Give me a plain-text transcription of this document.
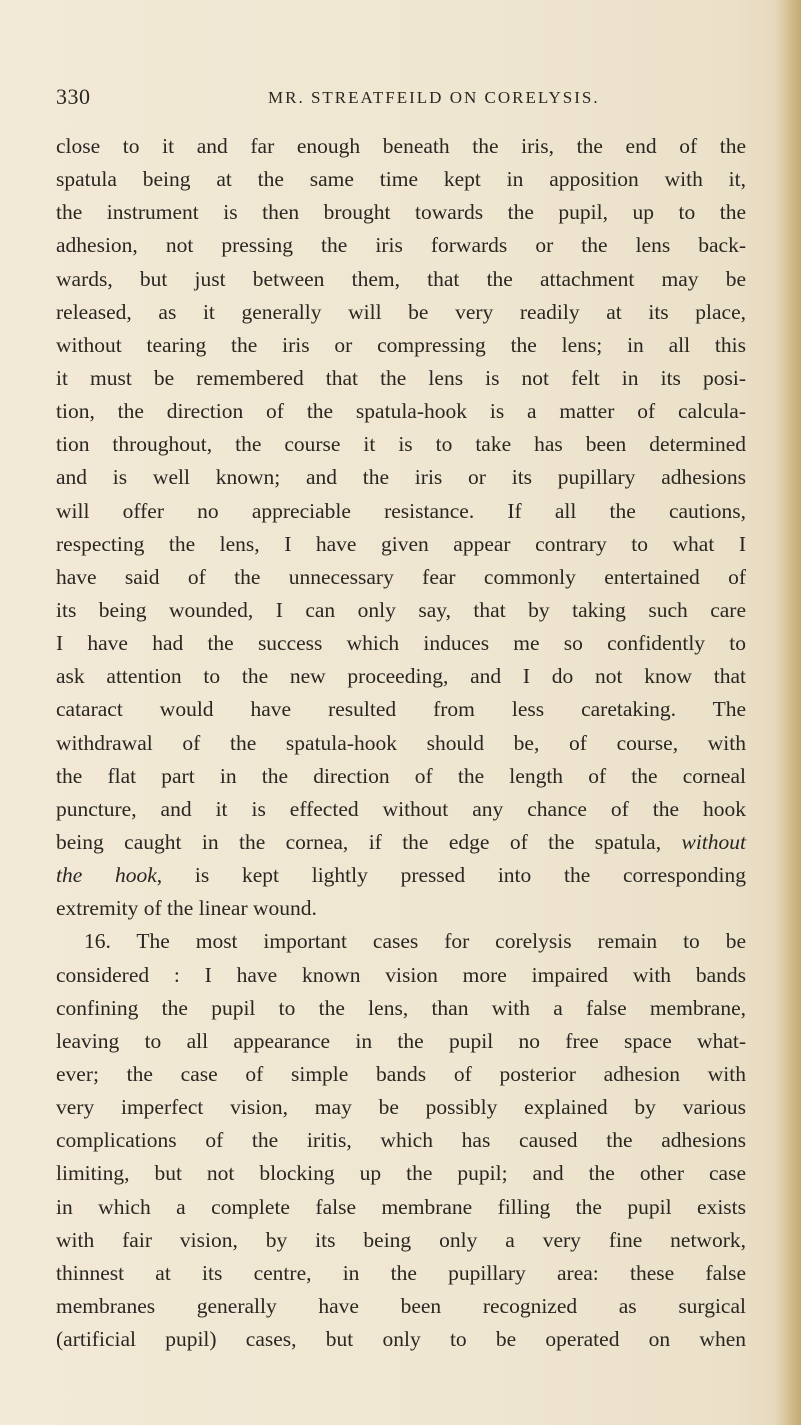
330	MR. STREATFEILD ON CORELYSIS.
close to it and far enough beneath the iris, the end of the
spatula being at the same time kept in apposition with it,
the instrument is then brought towards the pupil, up to the
adhesion, not pressing the iris forwards or the lens back-
wards, but just between them, that the attachment may be
released, as it generally will be very readily at its place,
without tearing the iris or compressing the lens; in all this
it must be remembered that the lens is not felt in its posi-
tion, the direction of the spatula-hook is a matter of calcula-
tion throughout, the course it is to take has been determined
and is well known; and the iris or its pupillary adhesions
will offer no appreciable resistance. If all the cautions,
respecting the lens, I have given appear contrary to what I
have said of the unnecessary fear commonly entertained of
its being wounded, I can only say, that by taking such care
I have had the success which induces me so confidently to
ask attention to the new proceeding, and I do not know that
cataract would have resulted from less caretaking. The
withdrawal of the spatula-hook should be, of course, with
the flat part in the direction of the length of the corneal
puncture, and it is effected without any chance of the hook
being caught in the cornea, if the edge of the spatula, without
the hook, is kept lightly pressed into the corresponding
extremity of the linear wound.
16. The most important cases for corelysis remain to be
considered : I have known vision more impaired with bands
confining the pupil to the lens, than with a false membrane,
leaving to all appearance in the pupil no free space what-
ever; the case of simple bands of posterior adhesion with
very imperfect vision, may be possibly explained by various
complications of the iritis, which has caused the adhesions
limiting, but not blocking up the pupil; and the other case
in which a complete false membrane filling the pupil exists
with fair vision, by its being only a very fine network,
thinnest at its centre, in the pupillary area: these false
membranes generally have been recognized as surgical
(artificial pupil) cases, but only to be operated on when
